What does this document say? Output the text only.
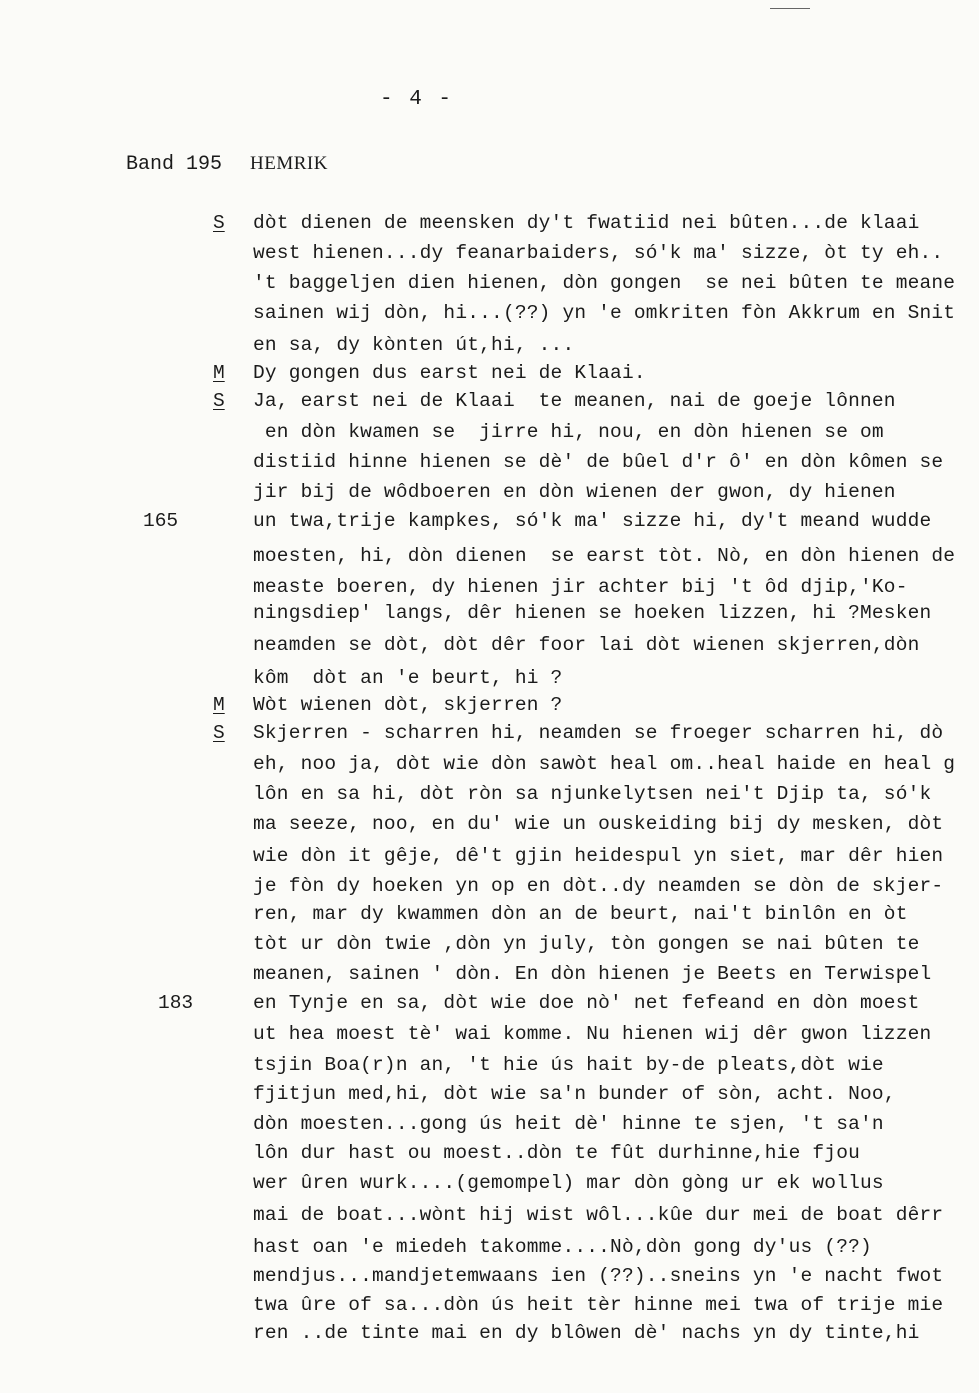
- 4 -
Band 195 HEMRIK
S
M
S
M
S
165
183
dòt dienen de meensken dy't fwatiid nei bûten...de klaai
west hienen...dy feanarbaiders, só'k ma' sizze, òt ty eh..
't baggeljen dien hienen, dòn gongen  se nei bûten te meane
sainen wij dòn, hi...(??) yn 'e omkriten fòn Akkrum en Snit
en sa, dy kònten út,hi, ...
Dy gongen dus earst nei de Klaai.
Ja, earst nei de Klaai  te meanen, nai de goeje lônnen
en dòn kwamen se  jirre hi, nou, en dòn hienen se om
distiid hinne hienen se dè' de bûel d'r ô' en dòn kômen se
jir bij de wôdboeren en dòn wienen der gwon, dy hienen
un twa,trije kampkes, só'k ma' sizze hi, dy't meand wudde
moesten, hi, dòn dienen  se earst tòt. Nò, en dòn hienen de
measte boeren, dy hienen jir achter bij 't ôd djip,'Ko-
ningsdiep' langs, dêr hienen se hoeken lizzen, hi ?Mesken
neamden se dòt, dòt dêr foor lai dòt wienen skjerren,dòn
kôm  dòt an 'e beurt, hi ?
Wòt wienen dòt, skjerren ?
Skjerren - scharren hi, neamden se froeger scharren hi, dò
eh, noo ja, dòt wie dòn sawòt heal om..heal haide en heal g
lôn en sa hi, dòt ròn sa njunkelytsen nei't Djip ta, só'k
ma seeze, noo, en du' wie un ouskeiding bij dy mesken, dòt
wie dòn it gêje, dê't gjin heidespul yn siet, mar dêr hien
je fòn dy hoeken yn op en dòt..dy neamden se dòn de skjer-
ren, mar dy kwammen dòn an de beurt, nai't binlôn en òt
tòt ur dòn twie ,dòn yn july, tòn gongen se nai bûten te
meanen, sainen ' dòn. En dòn hienen je Beets en Terwispel
en Tynje en sa, dòt wie doe nò' net fefeand en dòn moest
ut hea moest tè' wai komme. Nu hienen wij dêr gwon lizzen
tsjin Boa(r)n an, 't hie ús hait by-de pleats,dòt wie
fjitjun med,hi, dòt wie sa'n bunder of sòn, acht. Noo,
dòn moesten...gong ús heit dè' hinne te sjen, 't sa'n
lôn dur hast ou moest..dòn te fût durhinne,hie fjou
wer ûren wurk....(gemompel) mar dòn gòng ur ek wollus
mai de boat...wònt hij wist wôl...kûe dur mei de boat dêrr
hast oan 'e miedeh takomme....Nò,dòn gong dy'us (??)
mendjus...mandjetemwaans ien (??)..sneins yn 'e nacht fwot
twa ûre of sa...dòn ús heit tèr hinne mei twa of trije mie
ren ..de tinte mai en dy blôwen dè' nachs yn dy tinte,hi
